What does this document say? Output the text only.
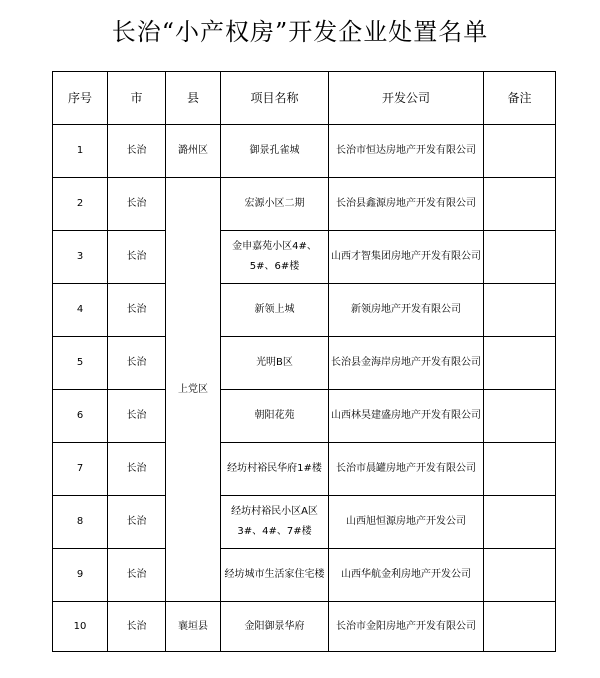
长治“小产权房”开发企业处置名单
序号	市	县	项目名称	开发公司	备注
1	长治	潞州区	御景孔雀城	长治市恒达房地产开发有限公司	
2	长治	上党区	宏源小区二期	长治县鑫源房地产开发有限公司	
3	长治		金申嘉苑小区4#、5#、6#楼	山西才智集团房地产开发有限公司	
4	长治		新领上城	新领房地产开发有限公司	
5	长治		光明B区	长治县金海岸房地产开发有限公司	
6	长治		朝阳花苑	山西林昊建盛房地产开发有限公司	
7	长治		经坊村裕民华府1#楼	长治市晨罐房地产开发有限公司	
8	长治		经坊村裕民小区A区3#、4#、7#楼	山西旭恒源房地产开发公司	
9	长治		经坊城市生活家住宅楼	山西华航金利房地产开发公司	
10	长治	襄垣县	金阳御景华府	长治市金阳房地产开发有限公司	
